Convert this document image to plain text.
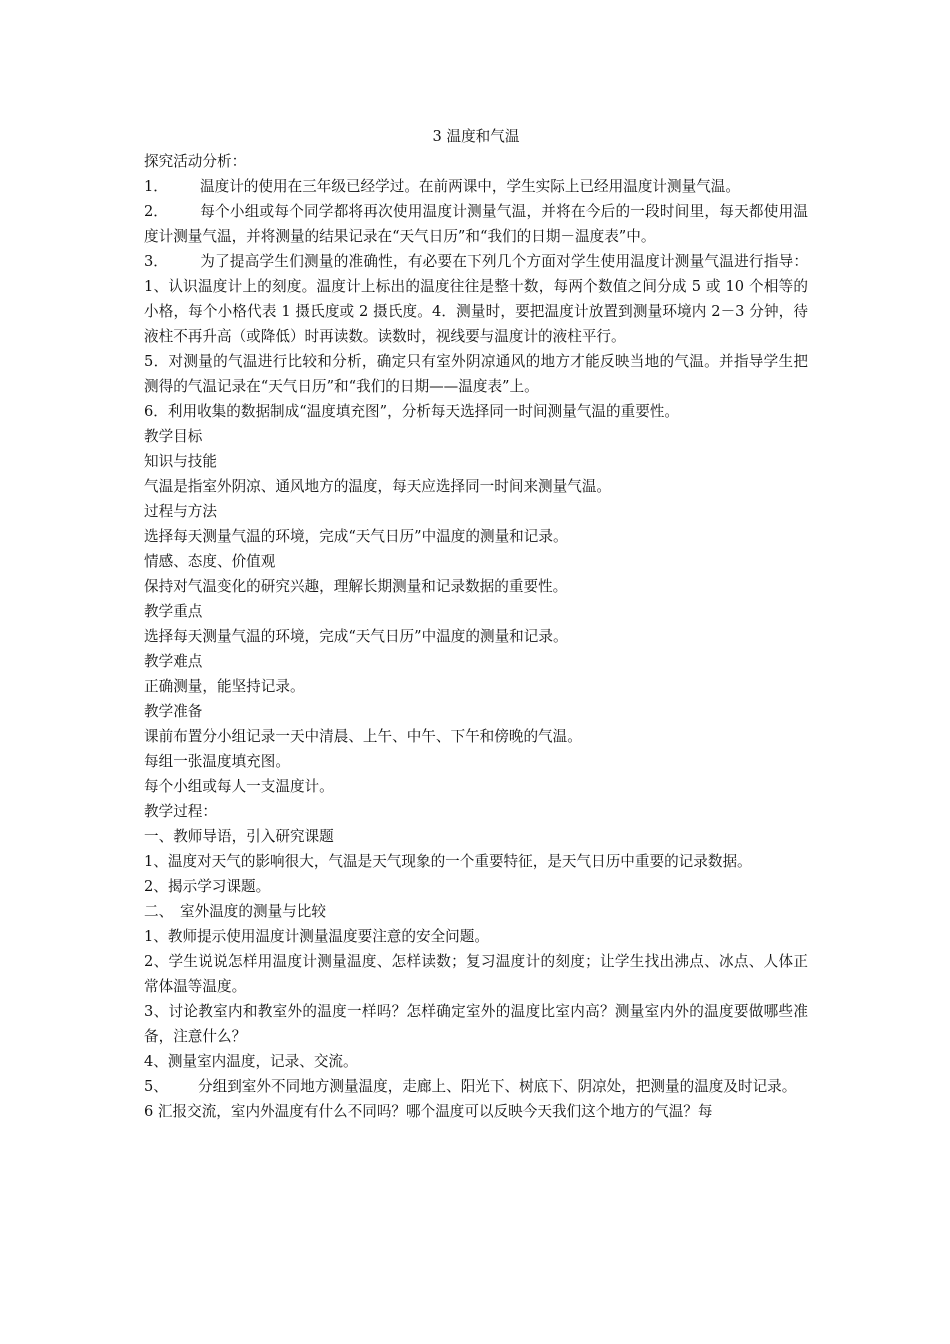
3 温度和气温

探究活动分析：

1． 温度计的使用在三年级已经学过。在前两课中，学生实际上已经用温度计测量气温。

2． 每个小组或每个同学都将再次使用温度计测量气温，并将在今后的一段时间里，每天都使用温度计测量气温，并将测量的结果记录在“天气日历”和“我们的日期－温度表”中。

3． 为了提高学生们测量的准确性，有必要在下列几个方面对学生使用温度计测量气温进行指导：1、认识温度计上的刻度。温度计上标出的温度往往是整十数，每两个数值之间分成 5 或 10 个相等的小格，每个小格代表 1 摄氏度或 2 摄氏度。4．测量时，要把温度计放置到测量环境内 2－3 分钟，待液柱不再升高（或降低）时再读数。读数时，视线要与温度计的液柱平行。

5．对测量的气温进行比较和分析，确定只有室外阴凉通风的地方才能反映当地的气温。并指导学生把测得的气温记录在“天气日历”和“我们的日期——温度表”上。

6．利用收集的数据制成“温度填充图”，分析每天选择同一时间测量气温的重要性。

教学目标

知识与技能

气温是指室外阴凉、通风地方的温度，每天应选择同一时间来测量气温。

过程与方法

选择每天测量气温的环境，完成“天气日历”中温度的测量和记录。

情感、态度、价值观

保持对气温变化的研究兴趣，理解长期测量和记录数据的重要性。

教学重点

选择每天测量气温的环境，完成“天气日历”中温度的测量和记录。

教学难点

正确测量，能坚持记录。

教学准备

课前布置分小组记录一天中清晨、上午、中午、下午和傍晚的气温。

每组一张温度填充图。

每个小组或每人一支温度计。

教学过程：

一、教师导语，引入研究课题

1、温度对天气的影响很大，气温是天气现象的一个重要特征，是天气日历中重要的记录数据。

2、揭示学习课题。

二、 室外温度的测量与比较

1、教师提示使用温度计测量温度要注意的安全问题。

2、学生说说怎样用温度计测量温度、怎样读数；复习温度计的刻度；让学生找出沸点、冰点、人体正常体温等温度。

3、讨论教室内和教室外的温度一样吗？怎样确定室外的温度比室内高？测量室内外的温度要做哪些准备，注意什么？

4、测量室内温度，记录、交流。

5、 分组到室外不同地方测量温度，走廊上、阳光下、树底下、阴凉处，把测量的温度及时记录。

6 汇报交流，室内外温度有什么不同吗？哪个温度可以反映今天我们这个地方的气温？每
